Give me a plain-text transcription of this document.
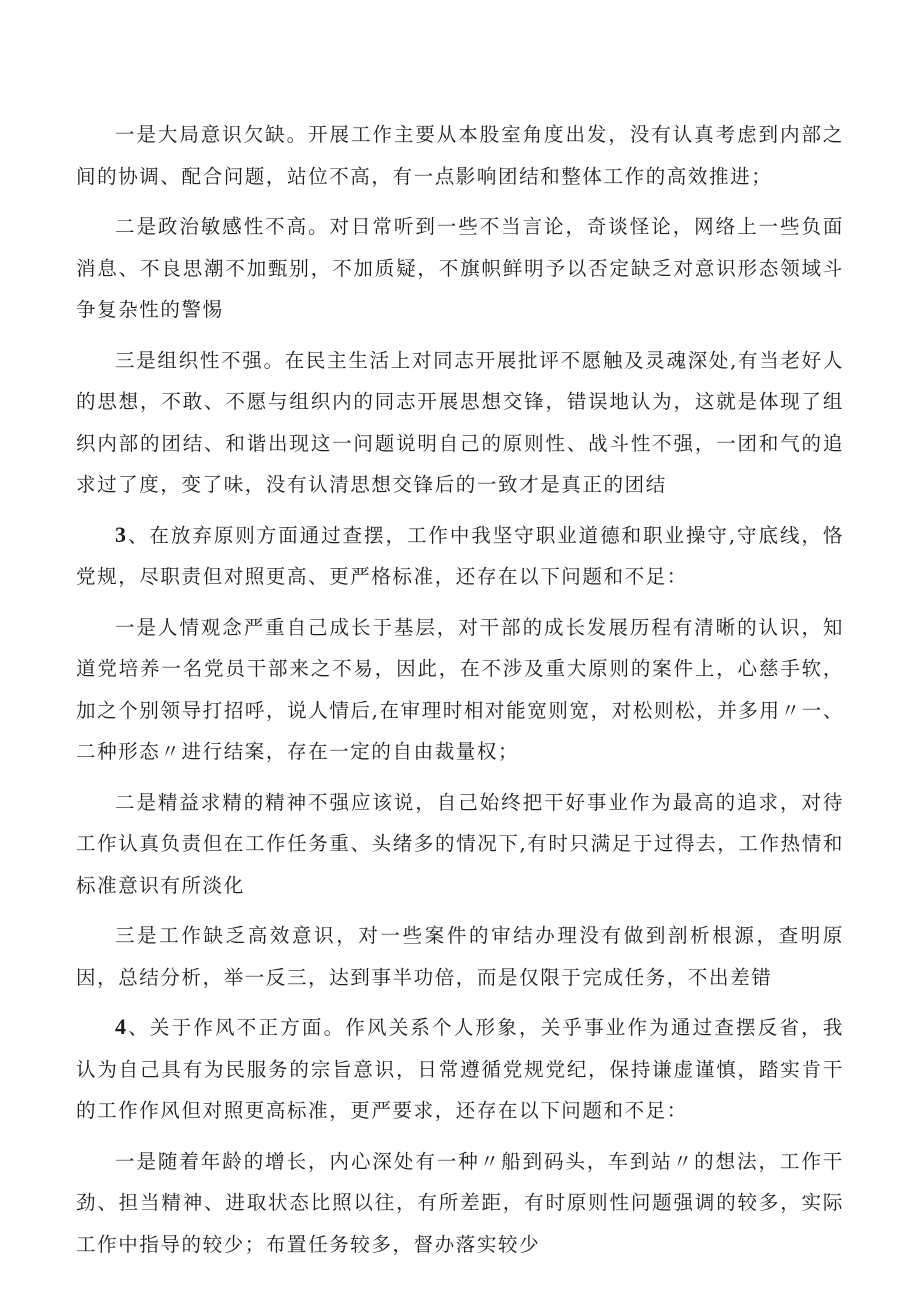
一是大局意识欠缺。开展工作主要从本股室角度出发，没有认真考虑到内部之间的协调、配合问题，站位不高，有一点影响团结和整体工作的高效推进；

二是政治敏感性不高。对日常听到一些不当言论，奇谈怪论，网络上一些负面消息、不良思潮不加甄别，不加质疑，不旗帜鲜明予以否定缺乏对意识形态领域斗争复杂性的警惕

三是组织性不强。在民主生活上对同志开展批评不愿触及灵魂深处,有当老好人的思想，不敢、不愿与组织内的同志开展思想交锋，错误地认为，这就是体现了组织内部的团结、和谐出现这一问题说明自己的原则性、战斗性不强，一团和气的追求过了度，变了味，没有认清思想交锋后的一致才是真正的团结

3、在放弃原则方面通过查摆，工作中我坚守职业道德和职业操守,守底线，恪党规，尽职责但对照更高、更严格标准，还存在以下问题和不足：

一是人情观念严重自己成长于基层，对干部的成长发展历程有清晰的认识，知道党培养一名党员干部来之不易，因此，在不涉及重大原则的案件上，心慈手软，加之个别领导打招呼，说人情后,在审理时相对能宽则宽，对松则松，并多用〃一、二种形态〃进行结案，存在一定的自由裁量权；

二是精益求精的精神不强应该说，自己始终把干好事业作为最高的追求，对待工作认真负责但在工作任务重、头绪多的情况下,有时只满足于过得去，工作热情和标准意识有所淡化

三是工作缺乏高效意识，对一些案件的审结办理没有做到剖析根源，查明原因，总结分析，举一反三，达到事半功倍，而是仅限于完成任务，不出差错

4、关于作风不正方面。作风关系个人形象，关乎事业作为通过查摆反省，我认为自己具有为民服务的宗旨意识，日常遵循党规党纪，保持谦虚谨慎，踏实肯干的工作作风但对照更高标准，更严要求，还存在以下问题和不足：

一是随着年龄的增长，内心深处有一种〃船到码头，车到站〃的想法，工作干劲、担当精神、进取状态比照以往，有所差距，有时原则性问题强调的较多，实际工作中指导的较少；布置任务较多，督办落实较少
